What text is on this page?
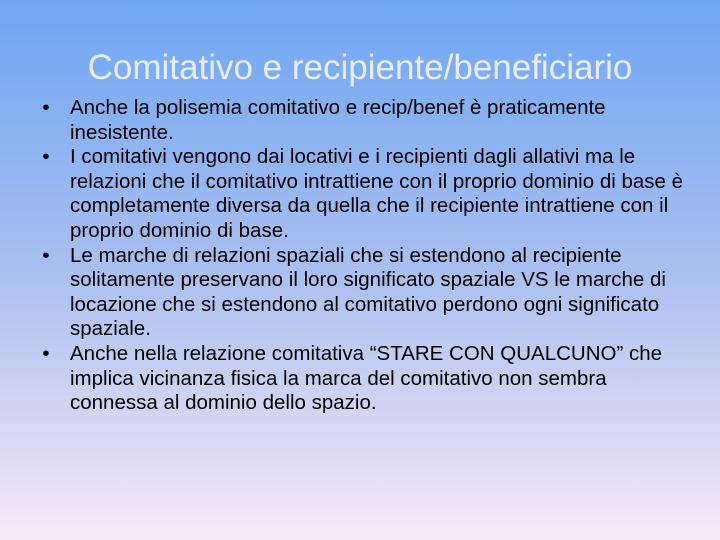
Comitativo e recipiente/beneficiario
• Anche la polisemia comitativo e recip/benef è praticamente inesistente.
• I comitativi vengono dai locativi e i recipienti dagli allativi ma le relazioni che il comitativo intrattiene con il proprio dominio di base è completamente diversa da quella che il recipiente intrattiene con il proprio dominio di base.
• Le marche di relazioni spaziali che si estendono al recipiente solitamente preservano il loro significato spaziale VS le marche di locazione che si estendono al comitativo perdono ogni significato spaziale.
• Anche nella relazione comitativa “STARE CON QUALCUNO” che implica vicinanza fisica la marca del comitativo non sembra connessa al dominio dello spazio.
